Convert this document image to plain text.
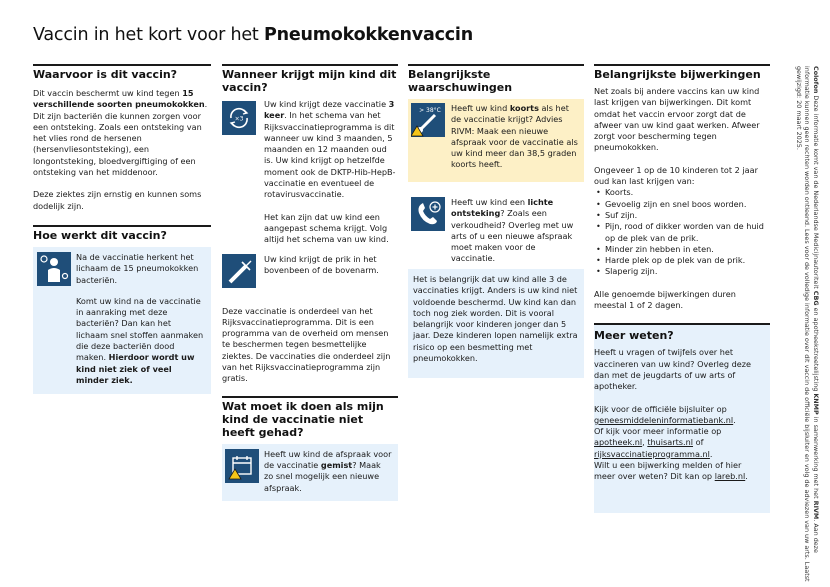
Vaccin in het kort voor het Pneumokokkenvaccin
Waarvoor is dit vaccin?
Dit vaccin beschermt uw kind tegen 15 verschillende soorten pneumokokken. Dit zijn bacteriën die kunnen zorgen voor een ontsteking. Zoals een ontsteking van het vlies rond de hersenen (hersenvliesontsteking), een longontsteking, bloedvergiftiging of een ontsteking van het middenoor.
Deze ziektes zijn ernstig en kunnen soms dodelijk zijn.
Hoe werkt dit vaccin?
Na de vaccinatie herkent het lichaam de 15 pneumokokken bacteriën.
Komt uw kind na de vaccinatie in aanraking met deze bacteriën? Dan kan het lichaam snel stoffen aanmaken die deze bacteriën dood maken. Hierdoor wordt uw kind niet ziek of veel minder ziek.
Wanneer krijgt mijn kind dit vaccin?
×3
Uw kind krijgt deze vaccinatie 3 keer. In het schema van het Rijksvaccinatieprogramma is dit wanneer uw kind 3 maanden, 5 maanden en 12 maanden oud is. Uw kind krijgt op hetzelfde moment ook de DKTP-Hib-HepB-vaccinatie en eventueel de rotavirusvaccinatie.
Het kan zijn dat uw kind een aangepast schema krijgt. Volg altijd het schema van uw kind.
Uw kind krijgt de prik in het bovenbeen of de bovenarm.
Deze vaccinatie is onderdeel van het Rijksvaccinatieprogramma. Dit is een programma van de overheid om mensen te beschermen tegen besmettelijke ziektes. De vaccinaties die onderdeel zijn van het Rijksvaccinatieprogramma zijn gratis.
Wat moet ik doen als mijn kind de vaccinatie niet heeft gehad?
Heeft uw kind de afspraak voor de vaccinatie gemist? Maak zo snel mogelijk een nieuwe afspraak.
Belangrijkste waarschuwingen
> 38°C Heeft uw kind koorts als het de vaccinatie krijgt? Advies RIVM: Maak een nieuwe afspraak voor de vaccinatie als uw kind meer dan 38,5 graden koorts heeft.
Heeft uw kind een lichte ontsteking? Zoals een verkoudheid? Overleg met uw arts of u een nieuwe afspraak moet maken voor de vaccinatie.
Het is belangrijk dat uw kind alle 3 de vaccinaties krijgt. Anders is uw kind niet voldoende beschermd. Uw kind kan dan toch nog ziek worden. Dit is vooral belangrijk voor kinderen jonger dan 5 jaar. Deze kinderen lopen namelijk extra risico op een besmetting met pneumokokken.
Belangrijkste bijwerkingen
Net zoals bij andere vaccins kan uw kind last krijgen van bijwerkingen. Dit komt omdat het vaccin ervoor zorgt dat de afweer van uw kind gaat werken. Afweer zorgt voor bescherming tegen pneumokokken.
Ongeveer 1 op de 10 kinderen tot 2 jaar oud kan last krijgen van:
• Koorts.
• Gevoelig zijn en snel boos worden.
• Suf zijn.
• Pijn, rood of dikker worden van de huid op de plek van de prik.
• Minder zin hebben in eten.
• Harde plek op de plek van de prik.
• Slaperig zijn.
Alle genoemde bijwerkingen duren meestal 1 of 2 dagen.
Meer weten?
Heeft u vragen of twijfels over het vaccineren van uw kind? Overleg deze dan met de jeugdarts of uw arts of apotheker.
Kijk voor de officiële bijsluiter op
geneesmiddeleninformatiebank.nl.
Of kijk voor meer informatie op
apotheek.nl, thuisarts.nl of
rijksvaccinatieprogramma.nl.
Wilt u een bijwerking melden of hier meer over weten? Dit kan op lareb.nl.
Colofon Deze informatie komt van de Nederlandse Medicijnautoriteit CBG en apotheekstreetelijsting KNMP in samenwerking met het RIVM. Aan deze informatie kunnen geen rechten worden ontleend. Lees voor de volledige informatie over dit vaccin de officiële bijsluiter en volg de adviezen van uw arts. Laatst gewijzigd: 20 maart 2025.
